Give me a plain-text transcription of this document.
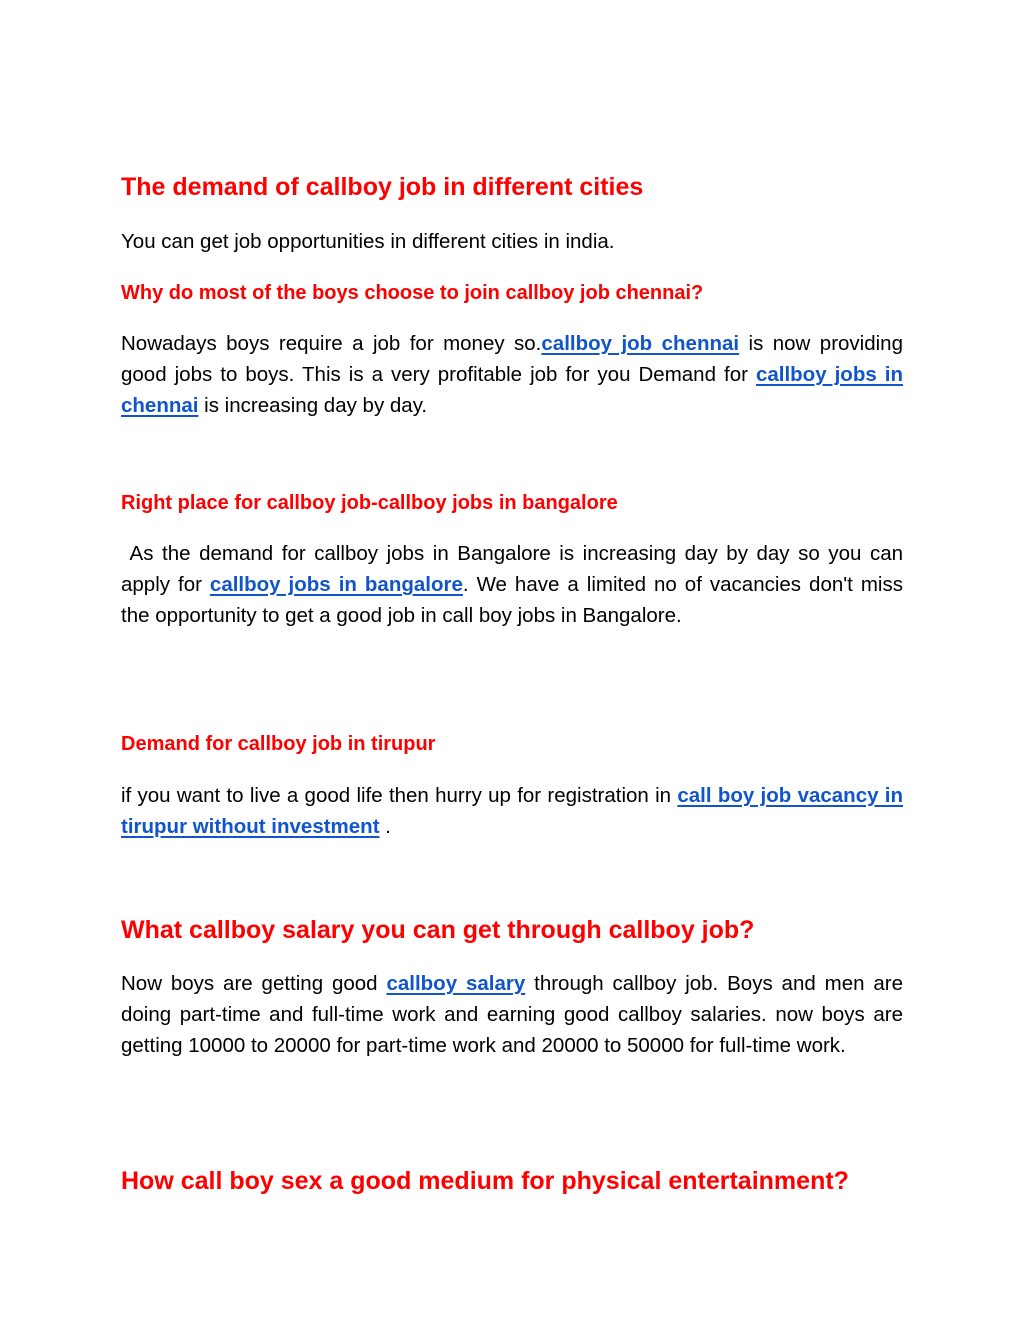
The demand of callboy job in different cities

You can get job opportunities in different cities in india.

Why do most of the boys choose to join callboy job chennai?

Nowadays boys require a job for money so.callboy job chennai is now providing good jobs to boys. This is a very profitable job for you Demand for callboy jobs in chennai is increasing day by day.

Right place for callboy job-callboy jobs in bangalore

As the demand for callboy jobs in Bangalore is increasing day by day so you can apply for callboy jobs in bangalore. We have a limited no of vacancies don't miss the opportunity to get a good job in call boy jobs in Bangalore.

Demand for callboy job in tirupur

if you want to live a good life then hurry up for registration in call boy job vacancy in tirupur without investment .

What callboy salary you can get through callboy job?

Now boys are getting good callboy salary through callboy job. Boys and men are doing part-time and full-time work and earning good callboy salaries. now boys are getting 10000 to 20000 for part-time work and 20000 to 50000 for full-time work.

How call boy sex a good medium for physical entertainment?
